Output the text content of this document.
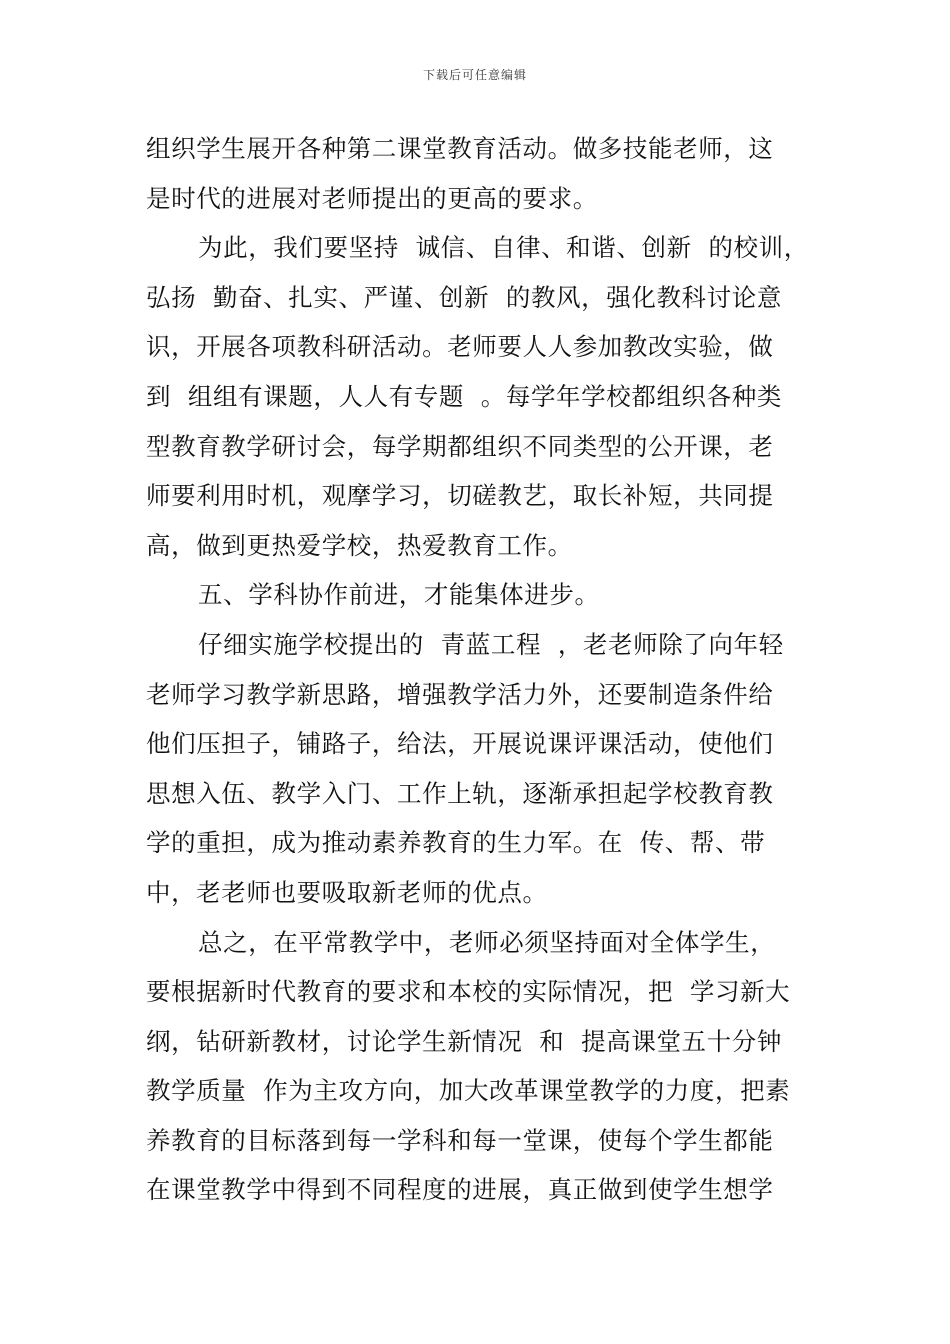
下载后可任意编辑
组织学生展开各种第二课堂教育活动。做多技能老师，这
是时代的进展对老师提出的更高的要求。
为此，我们要坚持  诚信、自律、和谐、创新  的校训，
弘扬  勤奋、扎实、严谨、创新  的教风，强化教科讨论意
识，开展各项教科研活动。老师要人人参加教改实验，做
到  组组有课题，人人有专题  。每学年学校都组织各种类
型教育教学研讨会，每学期都组织不同类型的公开课，老
师要利用时机，观摩学习，切磋教艺，取长补短，共同提
高，做到更热爱学校，热爱教育工作。
五、学科协作前进，才能集体进步。
仔细实施学校提出的  青蓝工程  ，老老师除了向年轻
老师学习教学新思路，增强教学活力外，还要制造条件给
他们压担子，铺路子，给法，开展说课评课活动，使他们
思想入伍、教学入门、工作上轨，逐渐承担起学校教育教
学的重担，成为推动素养教育的生力军。在  传、帮、带
中，老老师也要吸取新老师的优点。
总之，在平常教学中，老师必须坚持面对全体学生，
要根据新时代教育的要求和本校的实际情况，把  学习新大
纲，钻研新教材，讨论学生新情况  和  提高课堂五十分钟
教学质量  作为主攻方向，加大改革课堂教学的力度，把素
养教育的目标落到每一学科和每一堂课，使每个学生都能
在课堂教学中得到不同程度的进展，真正做到使学生想学
